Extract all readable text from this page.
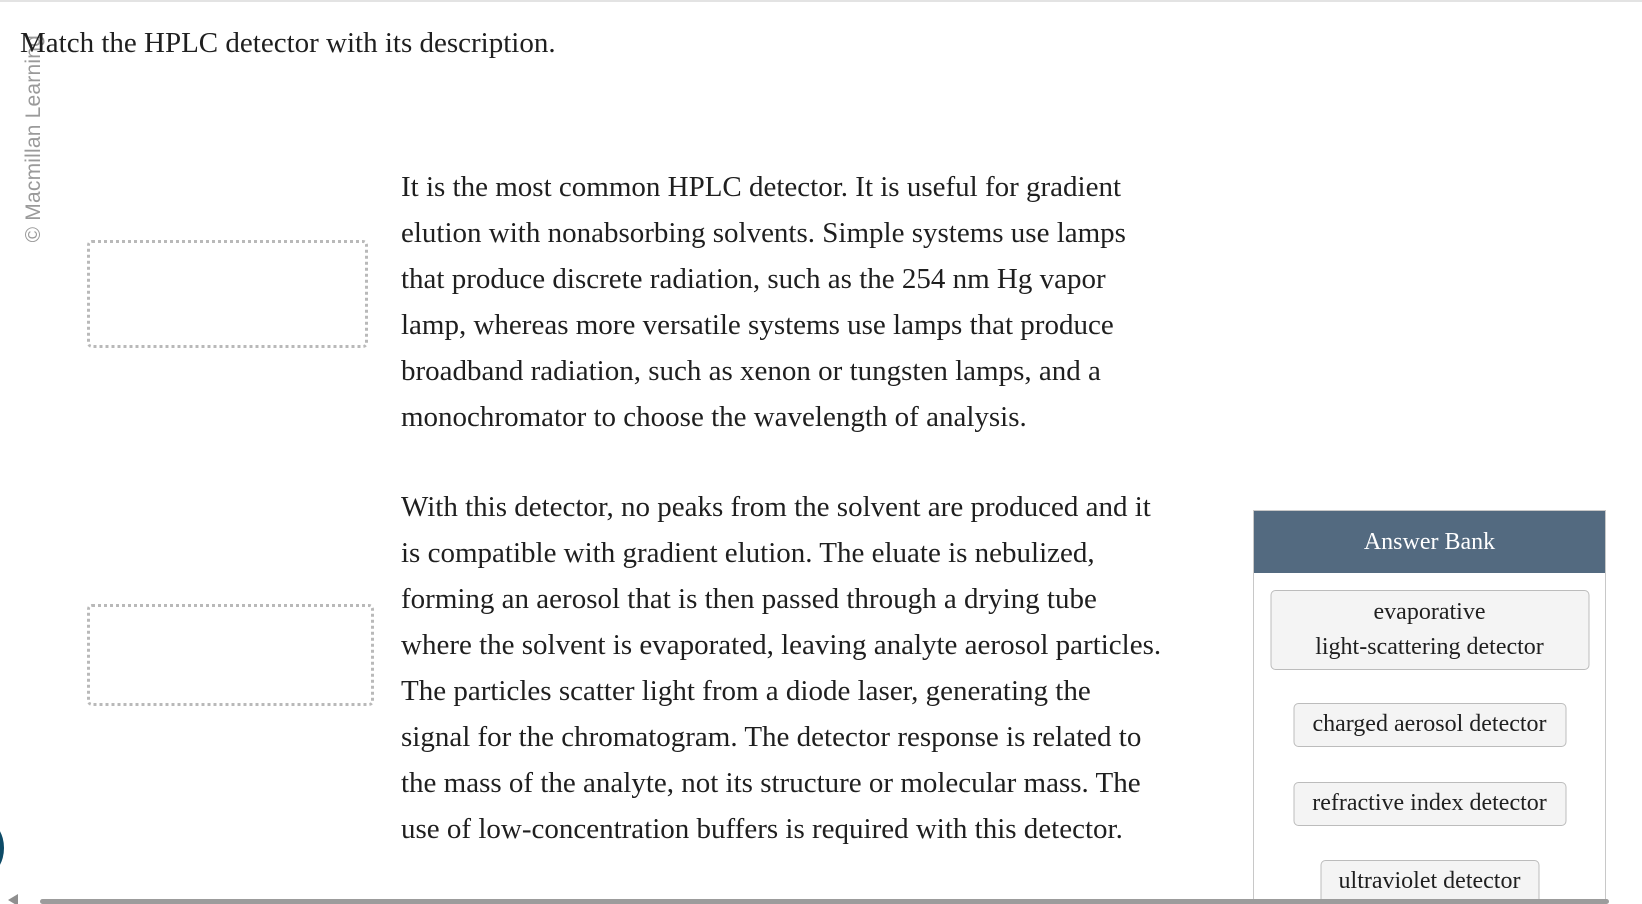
© Macmillan Learning
Match the HPLC detector with its description.
It is the most common HPLC detector. It is useful for gradient
elution with nonabsorbing solvents. Simple systems use lamps
that produce discrete radiation, such as the 254 nm Hg vapor
lamp, whereas more versatile systems use lamps that produce
broadband radiation, such as xenon or tungsten lamps, and a
monochromator to choose the wavelength of analysis.
With this detector, no peaks from the solvent are produced and it
is compatible with gradient elution. The eluate is nebulized,
forming an aerosol that is then passed through a drying tube
where the solvent is evaporated, leaving analyte aerosol particles.
The particles scatter light from a diode laser, generating the
signal for the chromatogram. The detector response is related to
the mass of the analyte, not its structure or molecular mass. The
use of low-concentration buffers is required with this detector.
Answer Bank
evaporative
light-scattering detector
charged aerosol detector
refractive index detector
ultraviolet detector
